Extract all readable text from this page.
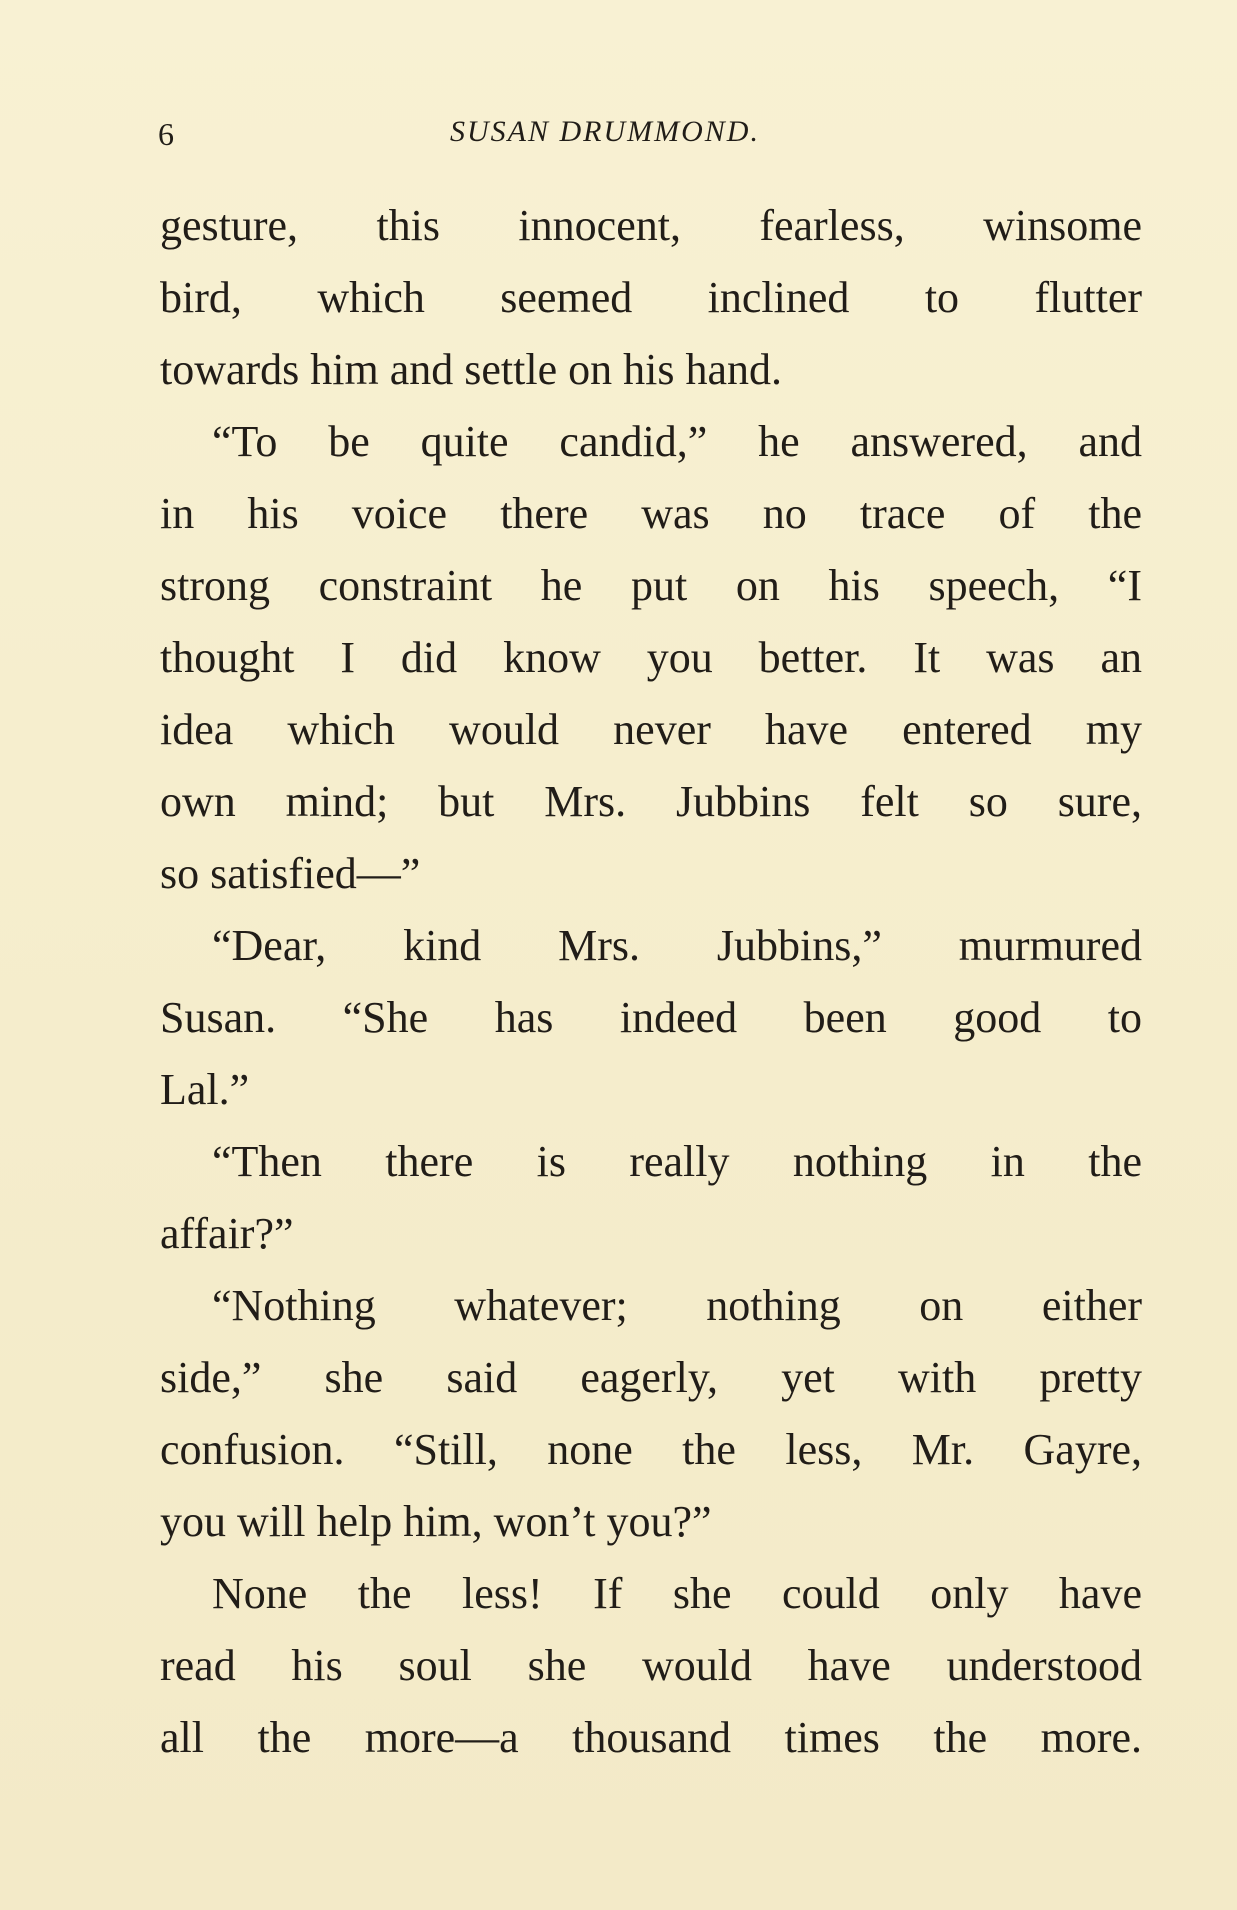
6	SUSAN DRUMMOND.
gesture, this innocent, fearless, winsome
bird, which seemed inclined to flutter
towards him and settle on his hand.
“To be quite candid,” he answered, and
in his voice there was no trace of the
strong constraint he put on his speech, “I
thought I did know you better. It was an
idea which would never have entered my
own mind; but Mrs. Jubbins felt so sure,
so satisfied—”
“Dear, kind Mrs. Jubbins,” murmured
Susan. “She has indeed been good to
Lal.”
“Then there is really nothing in the
affair?”
“Nothing whatever; nothing on either
side,” she said eagerly, yet with pretty
confusion. “Still, none the less, Mr. Gayre,
you will help him, won’t you?”
None the less! If she could only have
read his soul she would have understood
all the more—a thousand times the more.
